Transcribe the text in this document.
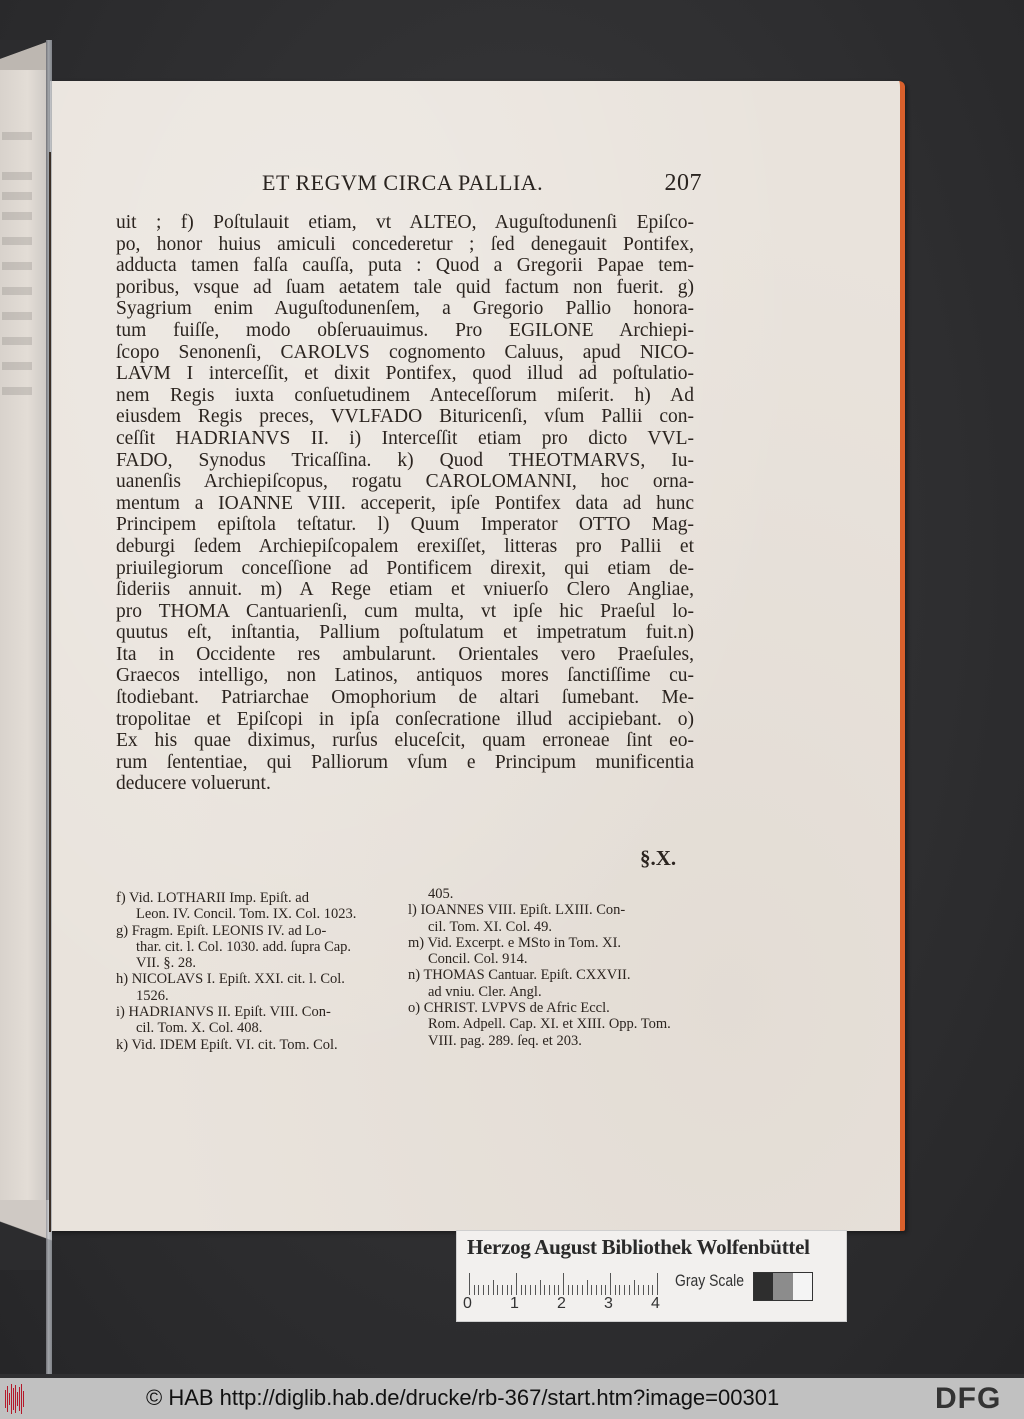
ET REGVM CIRCA PALLIA.	207
uit ; f) Poſtulauit etiam, vt ALTEO, Auguſtodunenſi Epiſco-
po, honor huius amiculi concederetur ; ſed denegauit Pontifex,
adducta tamen falſa cauſſa, puta : Quod a Gregorii Papae tem-
poribus, vsque ad ſuam aetatem tale quid factum non fuerit. g)
Syagrium enim Auguſtodunenſem, a Gregorio Pallio honora-
tum fuiſſe, modo obſeruauimus. Pro EGILONE Archiepi-
ſcopo Senonenſi, CAROLVS cognomento Caluus, apud NICO-
LAVM I interceſſit, et dixit Pontifex, quod illud ad poſtulatio-
nem Regis iuxta conſuetudinem Anteceſſorum miſerit. h) Ad
eiusdem Regis preces, VVLFADO Bituricenſi, vſum Pallii con-
ceſſit HADRIANVS II. i) Interceſſit etiam pro dicto VVL-
FADO, Synodus Tricaſſina. k) Quod THEOTMARVS, Iu-
uanenſis Archiepiſcopus, rogatu CAROLOMANNI, hoc orna-
mentum a IOANNE VIII. acceperit, ipſe Pontifex data ad hunc
Principem epiſtola teſtatur. l) Quum Imperator OTTO Mag-
deburgi ſedem Archiepiſcopalem erexiſſet, litteras pro Pallii et
priuilegiorum conceſſione ad Pontificem direxit, qui etiam de-
ſideriis annuit. m) A Rege etiam et vniuerſo Clero Angliae,
pro THOMA Cantuarienſi, cum multa, vt ipſe hic Praeſul lo-
quutus eſt, inſtantia, Pallium poſtulatum et impetratum fuit.n)
Ita in Occidente res ambularunt. Orientales vero Praeſules,
Graecos intelligo, non Latinos, antiquos mores ſanctiſſime cu-
ſtodiebant. Patriarchae Omophorium de altari ſumebant. Me-
tropolitae et Epiſcopi in ipſa conſecratione illud accipiebant. o)
Ex his quae diximus, rurſus eluceſcit, quam erroneae ſint eo-
rum ſententiae, qui Palliorum vſum e Principum munificentia
deducere voluerunt.
§.X.
f) Vid. LOTHARII Imp. Epiſt. ad
Leon. IV. Concil. Tom. IX. Col. 1023.
g) Fragm. Epiſt. LEONIS IV. ad Lo-
thar. cit. l. Col. 1030. add. ſupra Cap.
VII. §. 28.
h) NICOLAVS I. Epiſt. XXI. cit. l. Col.
1526.
i) HADRIANVS II. Epiſt. VIII. Con-
cil. Tom. X. Col. 408.
k) Vid. IDEM Epiſt. VI. cit. Tom. Col.
405.
l) IOANNES VIII. Epiſt. LXIII. Con-
cil. Tom. XI. Col. 49.
m) Vid. Excerpt. e MSto in Tom. XI.
Concil. Col. 914.
n) THOMAS Cantuar. Epiſt. CXXVII.
ad vniu. Cler. Angl.
o) CHRIST. LVPVS de Afric Eccl.
Rom. Adpell. Cap. XI. et XIII. Opp. Tom.
VIII. pag. 289. ſeq. et 203.
Herzog August Bibliothek Wolfenbüttel
0 1 2 3 4
Gray Scale
© HAB http://diglib.hab.de/drucke/rb-367/start.htm?image=00301	DFG
